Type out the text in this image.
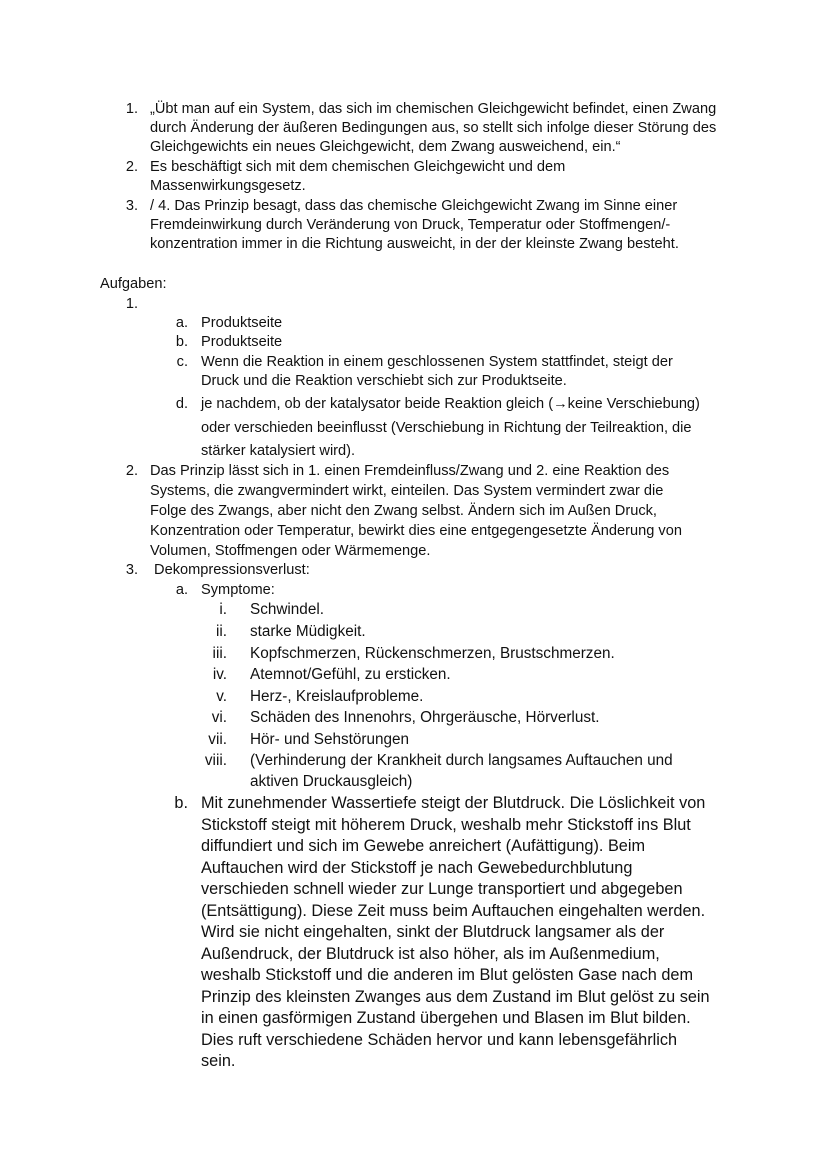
1. „Übt man auf ein System, das sich im chemischen Gleichgewicht befindet, einen Zwang
durch Änderung der äußeren Bedingungen aus, so stellt sich infolge dieser Störung des
Gleichgewichts ein neues Gleichgewicht, dem Zwang ausweichend, ein.“
2. Es beschäftigt sich mit dem chemischen Gleichgewicht und dem
Massenwirkungsgesetz.
3. / 4. Das Prinzip besagt, dass das chemische Gleichgewicht Zwang im Sinne einer
Fremdeinwirkung durch Veränderung von Druck, Temperatur oder Stoffmengen/-
konzentration immer in die Richtung ausweicht, in der der kleinste Zwang besteht.
Aufgaben:
1.
a. Produktseite
b. Produktseite
c. Wenn die Reaktion in einem geschlossenen System stattfindet, steigt der
Druck und die Reaktion verschiebt sich zur Produktseite.
d. je nachdem, ob der katalysator beide Reaktion gleich (→keine Verschiebung)
oder verschieden beeinflusst (Verschiebung in Richtung der Teilreaktion, die
stärker katalysiert wird).
2. Das Prinzip lässt sich in 1. einen Fremdeinfluss/Zwang und 2. eine Reaktion des
Systems, die zwangvermindert wirkt, einteilen. Das System vermindert zwar die
Folge des Zwangs, aber nicht den Zwang selbst. Ändern sich im Außen Druck,
Konzentration oder Temperatur, bewirkt dies eine entgegengesetzte Änderung von
Volumen, Stoffmengen oder Wärmemenge.
3. Dekompressionsverlust:
a. Symptome:
i. Schwindel.
ii. starke Müdigkeit.
iii. Kopfschmerzen, Rückenschmerzen, Brustschmerzen.
iv. Atemnot/Gefühl, zu ersticken.
v. Herz-, Kreislaufprobleme.
vi. Schäden des Innenohrs, Ohrgeräusche, Hörverlust.
vii. Hör- und Sehstörungen
viii. (Verhinderung der Krankheit durch langsames Auftauchen und
aktiven Druckausgleich)
b. Mit zunehmender Wassertiefe steigt der Blutdruck. Die Löslichkeit von
Stickstoff steigt mit höherem Druck, weshalb mehr Stickstoff ins Blut
diffundiert und sich im Gewebe anreichert (Aufättigung). Beim
Auftauchen wird der Stickstoff je nach Gewebedurchblutung
verschieden schnell wieder zur Lunge transportiert und abgegeben
(Entsättigung). Diese Zeit muss beim Auftauchen eingehalten werden.
Wird sie nicht eingehalten, sinkt der Blutdruck langsamer als der
Außendruck, der Blutdruck ist also höher, als im Außenmedium,
weshalb Stickstoff und die anderen im Blut gelösten Gase nach dem
Prinzip des kleinsten Zwanges aus dem Zustand im Blut gelöst zu sein
in einen gasförmigen Zustand übergehen und Blasen im Blut bilden.
Dies ruft verschiedene Schäden hervor und kann lebensgefährlich
sein.
